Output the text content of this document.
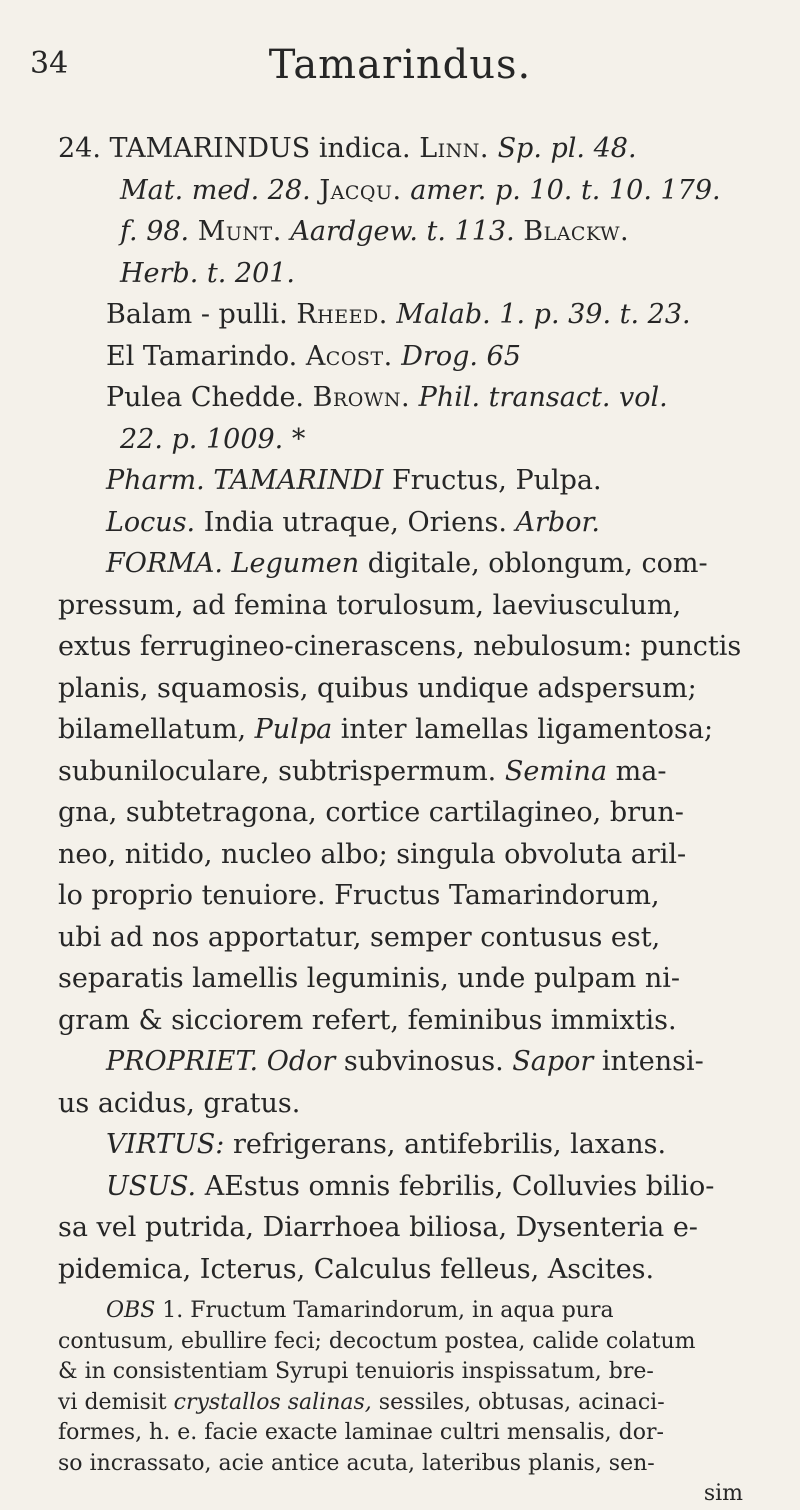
34	Tamarindus.
24. TAMARINDUS indica. Linn. Sp. pl. 48.
Mat. med. 28. Jacqu. amer. p. 10. t. 10. 179.
f. 98. Munt. Aardgew. t. 113. Blackw.
Herb. t. 201.
Balam - pulli. Rheed. Malab. 1. p. 39. t. 23.
El Tamarindo. Acost. Drog. 65
Pulea Chedde. Brown. Phil. transact. vol.
22. p. 1009. *
Pharm. TAMARINDI Fructus, Pulpa.
Locus. India utraque, Oriens. Arbor.
FORMA. Legumen digitale, oblongum, com-
pressum, ad femina torulosum, laeviusculum,
extus ferrugineo-cinerascens, nebulosum: punctis
planis, squamosis, quibus undique adspersum;
bilamellatum, Pulpa inter lamellas ligamentosa;
subuniloculare, subtrispermum. Semina ma-
gna, subtetragona, cortice cartilagineo, brun-
neo, nitido, nucleo albo; singula obvoluta aril-
lo proprio tenuiore. Fructus Tamarindorum,
ubi ad nos apportatur, semper contusus est,
separatis lamellis leguminis, unde pulpam ni-
gram & sicciorem refert, feminibus immixtis.
PROPRIET. Odor subvinosus. Sapor intensi-
us acidus, gratus.
VIRTUS: refrigerans, antifebrilis, laxans.
USUS. AEstus omnis febrilis, Colluvies bilio-
sa vel putrida, Diarrhoea biliosa, Dysenteria e-
pidemica, Icterus, Calculus felleus, Ascites.
OBS 1. Fructum Tamarindorum, in aqua pura
contusum, ebullire feci; decoctum postea, calide colatum
& in consistentiam Syrupi tenuioris inspissatum, bre-
vi demisit crystallos salinas, sessiles, obtusas, acinaci-
formes, h. e. facie exacte laminae cultri mensalis, dor-
so incrassato, acie antice acuta, lateribus planis, sen-
sim
